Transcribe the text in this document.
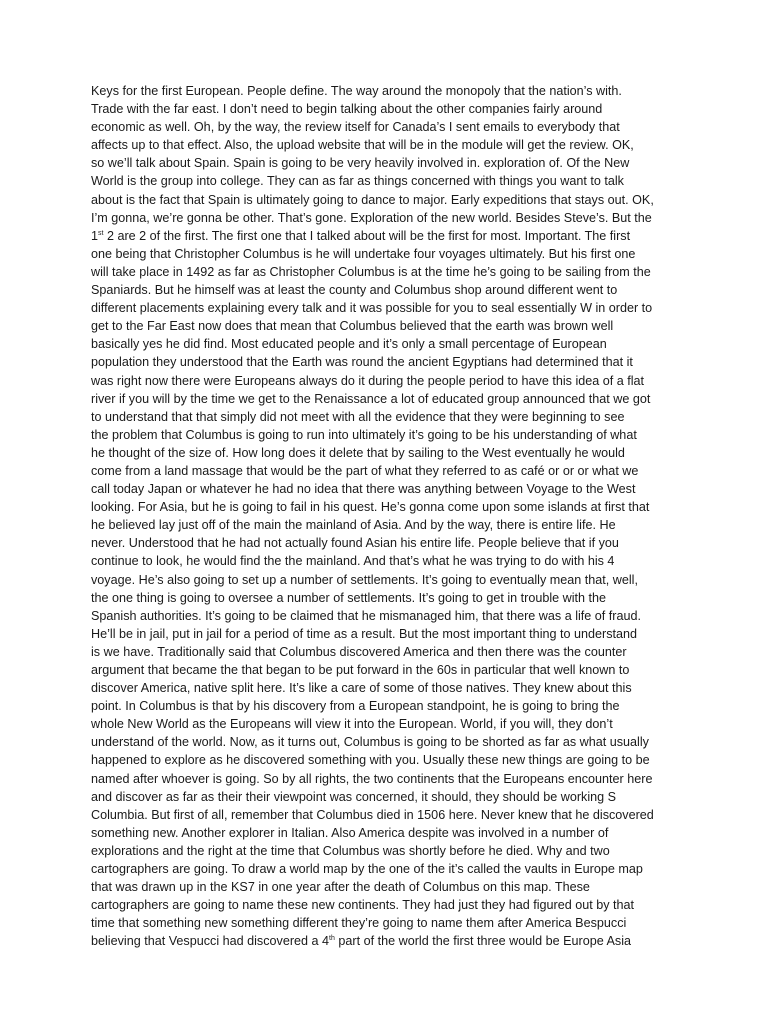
Keys for the first European. People define. The way around the monopoly that the nation’s with.
Trade with the far east. I don’t need to begin talking about the other companies fairly around
economic as well. Oh, by the way, the review itself for Canada’s I sent emails to everybody that
affects up to that effect. Also, the upload website that will be in the module will get the review. OK,
so we’ll talk about Spain. Spain is going to be very heavily involved in. exploration of. Of the New
World is the group into college. They can as far as things concerned with things you want to talk
about is the fact that Spain is ultimately going to dance to major. Early expeditions that stays out. OK,
I’m gonna, we’re gonna be other. That’s gone. Exploration of the new world. Besides Steve’s. But the
1st 2 are 2 of the first. The first one that I talked about will be the first for most. Important. The first
one being that Christopher Columbus is he will undertake four voyages ultimately. But his first one
will take place in 1492 as far as Christopher Columbus is at the time he’s going to be sailing from the
Spaniards. But he himself was at least the county and Columbus shop around different went to
different placements explaining every talk and it was possible for you to seal essentially W in order to
get to the Far East now does that mean that Columbus believed that the earth was brown well
basically yes he did find. Most educated people and it’s only a small percentage of European
population they understood that the Earth was round the ancient Egyptians had determined that it
was right now there were Europeans always do it during the people period to have this idea of a flat
river if you will by the time we get to the Renaissance a lot of educated group announced that we got
to understand that that simply did not meet with all the evidence that they were beginning to see
the problem that Columbus is going to run into ultimately it’s going to be his understanding of what
he thought of the size of. How long does it delete that by sailing to the West eventually he would
come from a land massage that would be the part of what they referred to as café or or or what we
call today Japan or whatever he had no idea that there was anything between Voyage to the West
looking. For Asia, but he is going to fail in his quest. He’s gonna come upon some islands at first that
he believed lay just off of the main the mainland of Asia. And by the way, there is entire life. He
never. Understood that he had not actually found Asian his entire life. People believe that if you
continue to look, he would find the the mainland. And that’s what he was trying to do with his 4
voyage. He’s also going to set up a number of settlements. It’s going to eventually mean that, well,
the one thing is going to oversee a number of settlements. It’s going to get in trouble with the
Spanish authorities. It’s going to be claimed that he mismanaged him, that there was a life of fraud.
He’ll be in jail, put in jail for a period of time as a result. But the most important thing to understand
is we have. Traditionally said that Columbus discovered America and then there was the counter
argument that became the that began to be put forward in the 60s in particular that well known to
discover America, native split here. It’s like a care of some of those natives. They knew about this
point. In Columbus is that by his discovery from a European standpoint, he is going to bring the
whole New World as the Europeans will view it into the European. World, if you will, they don’t
understand of the world. Now, as it turns out, Columbus is going to be shorted as far as what usually
happened to explore as he discovered something with you. Usually these new things are going to be
named after whoever is going. So by all rights, the two continents that the Europeans encounter here
and discover as far as their their viewpoint was concerned, it should, they should be working S
Columbia. But first of all, remember that Columbus died in 1506 here. Never knew that he discovered
something new. Another explorer in Italian. Also America despite was involved in a number of
explorations and the right at the time that Columbus was shortly before he died. Why and two
cartographers are going. To draw a world map by the one of the it’s called the vaults in Europe map
that was drawn up in the KS7 in one year after the death of Columbus on this map. These
cartographers are going to name these new continents. They had just they had figured out by that
time that something new something different they’re going to name them after America Bespucci
believing that Vespucci had discovered a 4th part of the world the first three would be Europe Asia
